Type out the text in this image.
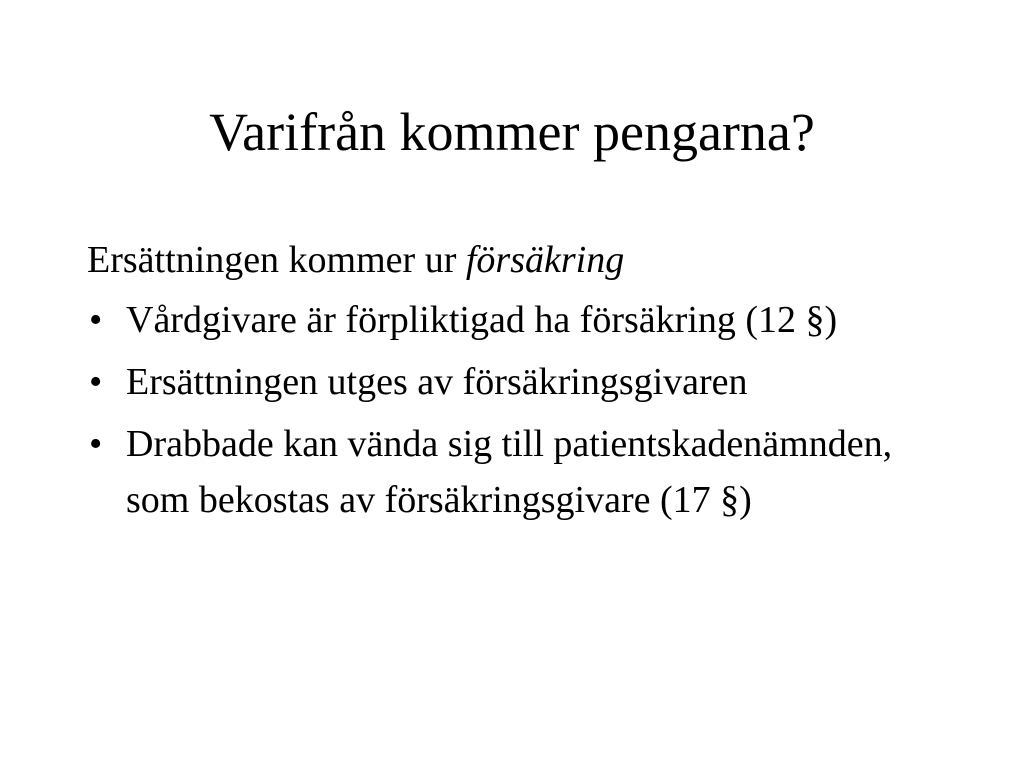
Varifrån kommer pengarna?

Ersättningen kommer ur försäkring

• Vårdgivare är förpliktigad ha försäkring (12 §)
• Ersättningen utges av försäkringsgivaren
• Drabbade kan vända sig till patientskadenämnden, som bekostas av försäkringsgivare (17 §)
